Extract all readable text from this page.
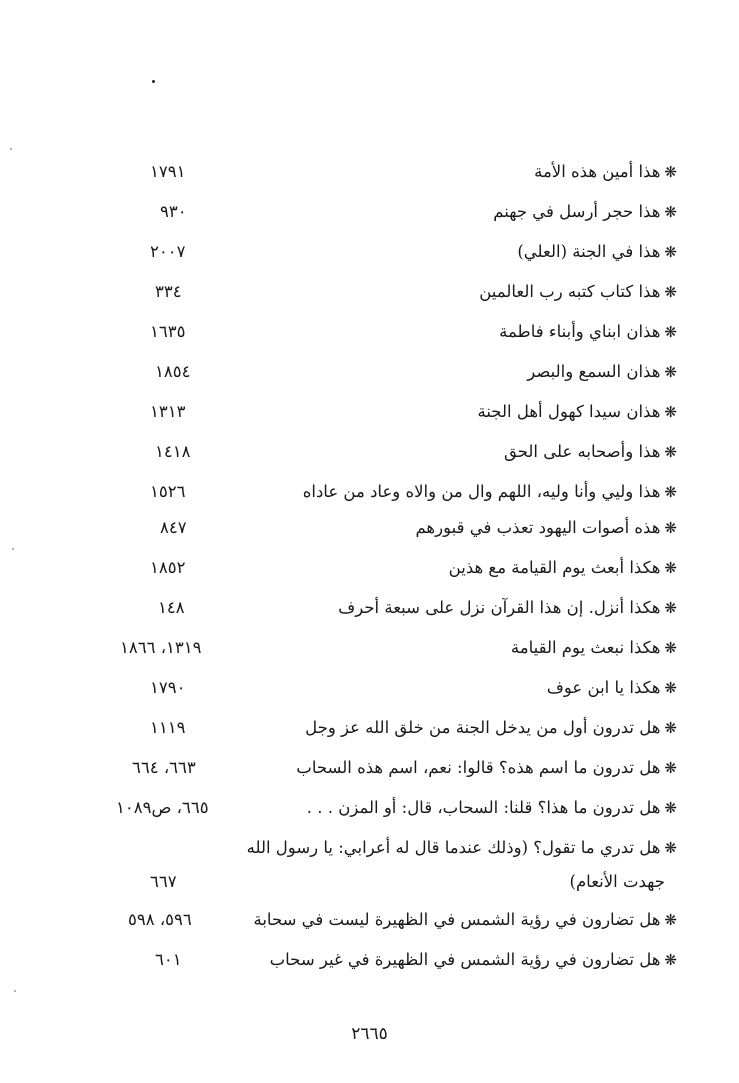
❋هذا أمين هذه الأمة
١٧٩١
❋هذا حجر أرسل في جهنم
٩٣٠
❋هذا في الجنة (العلي)
٢٠٠٧
❋هذا كتاب كتبه رب العالمين
٣٣٤
❋هذان ابناي وأبناء فاطمة
١٦٣٥
❋هذان السمع والبصر
١٨٥٤
❋هذان سيدا كهول أهل الجنة
١٣١٣
❋هذا وأصحابه على الحق
١٤١٨
❋هذا وليي وأنا وليه، اللهم وال من والاه وعاد من عاداه
١٥٢٦
❋هذه أصوات اليهود تعذب في قبورهم
٨٤٧
❋هكذا أبعث يوم القيامة مع هذين
١٨٥٢
❋هكذا أنزل. إن هذا القرآن نزل على سبعة أحرف
١٤٨
❋هكذا نبعث يوم القيامة
١٣١٩، ١٨٦٦
❋هكذا يا ابن عوف
١٧٩٠
❋هل تدرون أول من يدخل الجنة من خلق الله عز وجل
١١١٩
❋هل تدرون ما اسم هذه؟ قالوا: نعم، اسم هذه السحاب
٦٦٣، ٦٦٤
❋هل تدرون ما هذا؟ قلنا: السحاب، قال: أو المزن . . .
٦٦٥، ص١٠٨٩
❋هل تدري ما تقول؟ (وذلك عندما قال له أعرابي: يا رسول الله
❋هل تضارون في رؤية الشمس في الظهيرة ليست في سحابة
٥٩٦، ٥٩٨
❋هل تضارون في رؤية الشمس في الظهيرة في غير سحاب
٦٠١
جهدت الأنعام)
٦٦٧
٢٦٦٥
